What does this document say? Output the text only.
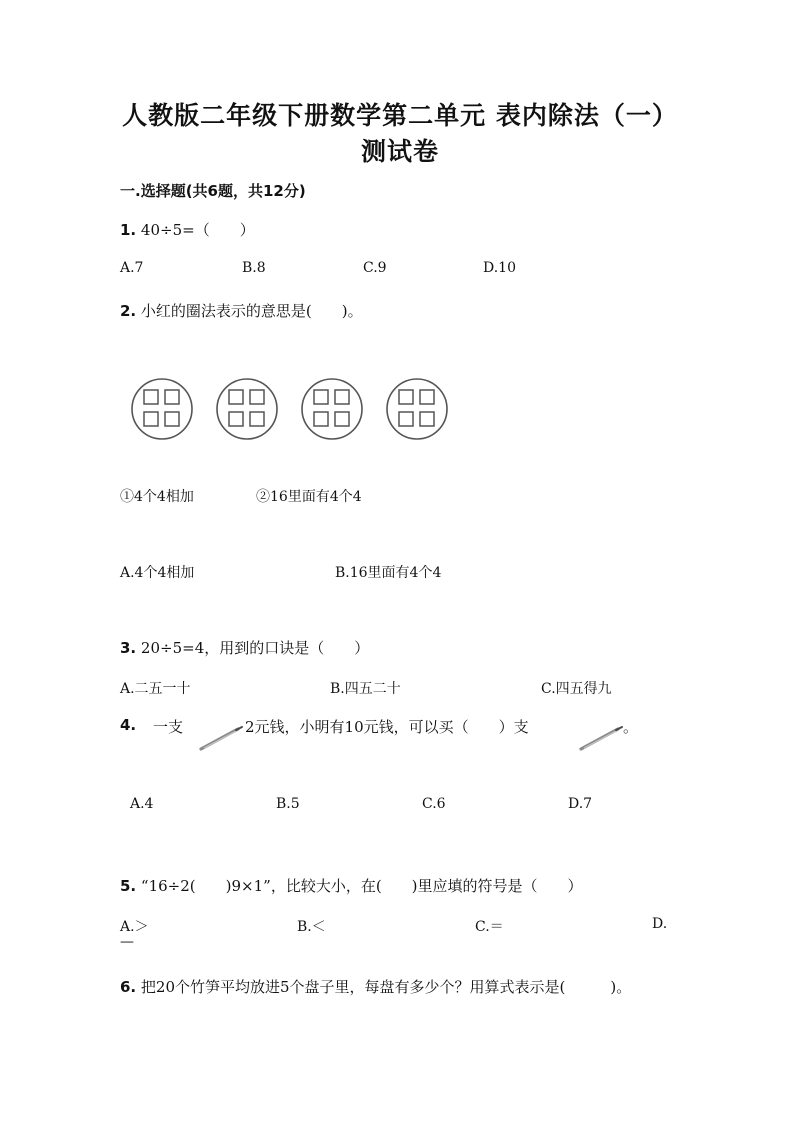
人教版二年级下册数学第二单元 表内除法（一）
测试卷
一.选择题(共6题，共12分)
1. 40÷5=（　　）
A.7	B.8	C.9	D.10
2. 小红的圈法表示的意思是(　　)。
①4个4相加	②16里面有4个4
A.4个4相加	B.16里面有4个4
3. 20÷5=4，用到的口诀是（　　）
A.二五一十	B.四五二十	C.四五得九
4. 一支	2元钱，小明有10元钱，可以买（　　）支	。
A.4	B.5	C.6	D.7
5. “16÷2(　　)9×1”，比较大小，在(　　)里应填的符号是（　　）
A.＞	B.＜	C.＝	D.
—
6. 把20个竹笋平均放进5个盘子里，每盘有多少个？用算式表示是(　　　)。
